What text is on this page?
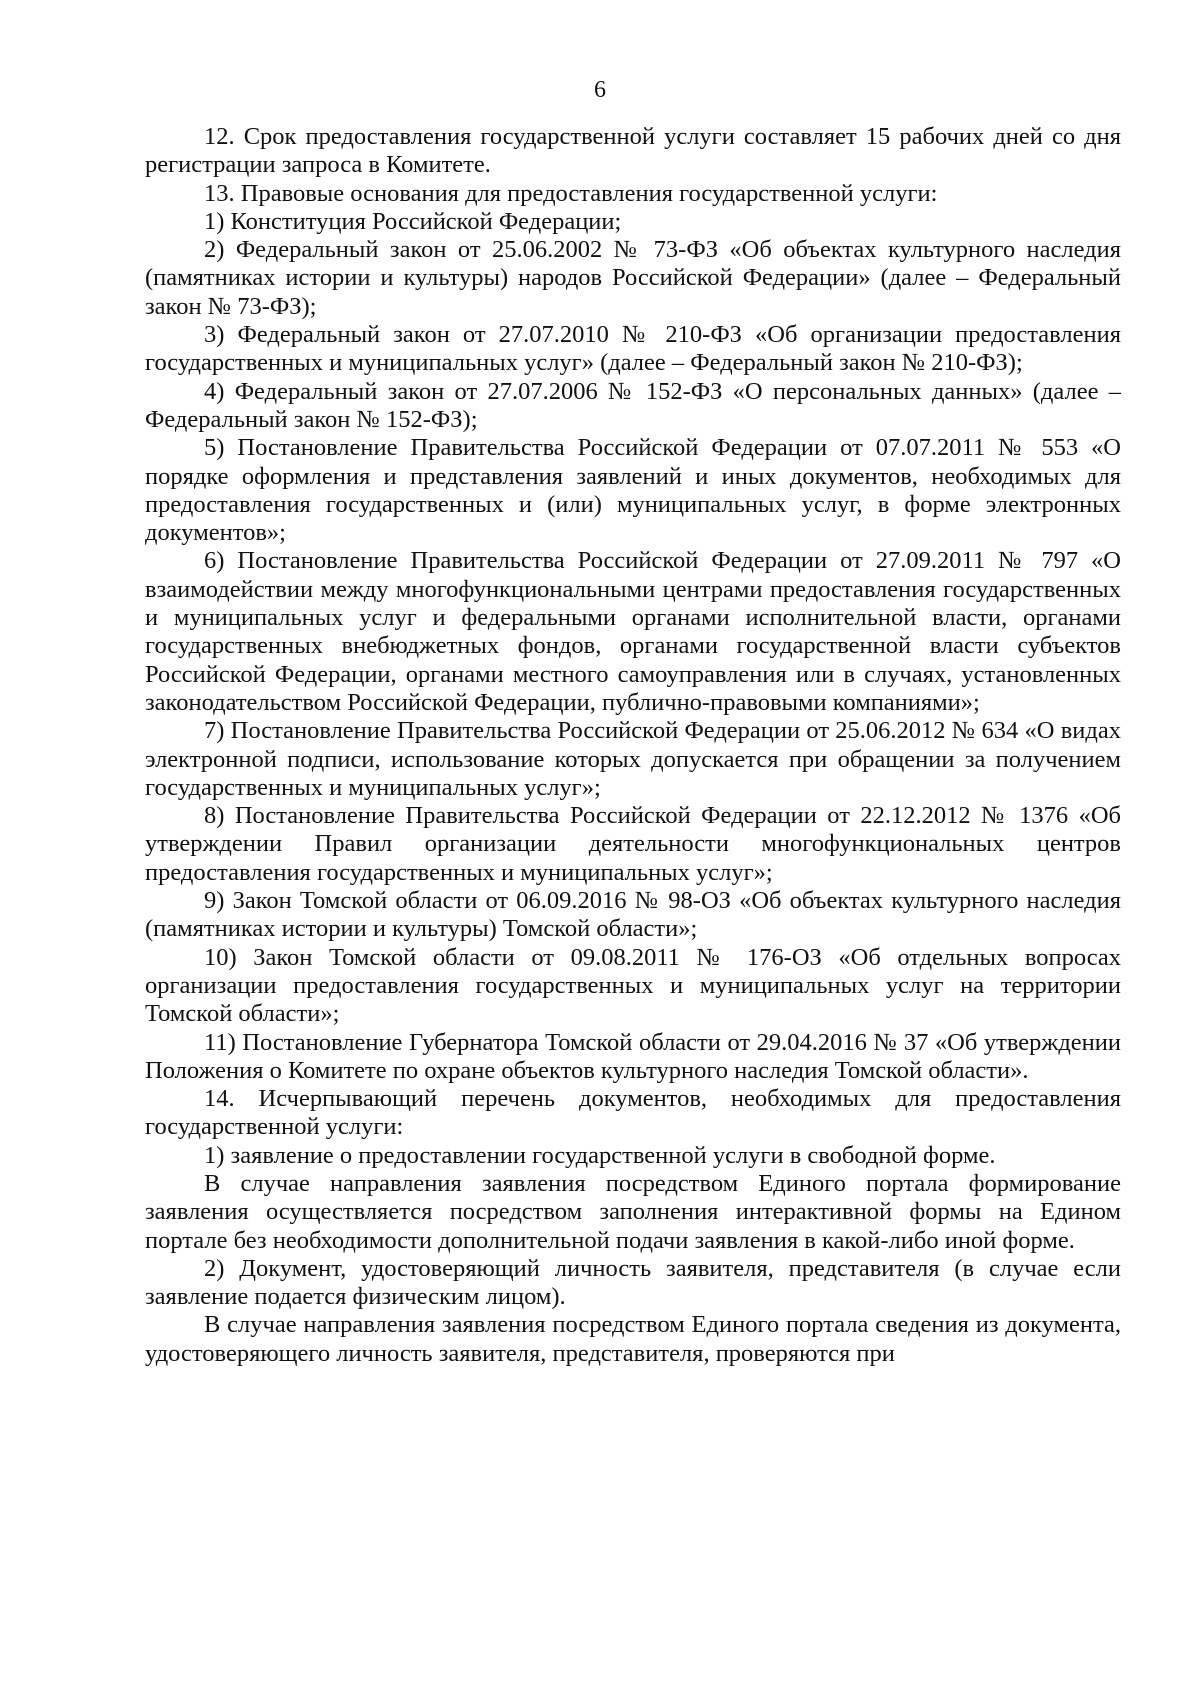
6

12. Срок предоставления государственной услуги составляет 15 рабочих дней со дня регистрации запроса в Комитете.

13. Правовые основания для предоставления государственной услуги:

1) Конституция Российской Федерации;

2) Федеральный закон от 25.06.2002 № 73-ФЗ «Об объектах культурного наследия (памятниках истории и культуры) народов Российской Федерации» (далее – Федеральный закон № 73-ФЗ);

3) Федеральный закон от 27.07.2010 № 210-ФЗ «Об организации предоставления государственных и муниципальных услуг» (далее – Федеральный закон № 210-ФЗ);

4) Федеральный закон от 27.07.2006 № 152-ФЗ «О персональных данных» (далее – Федеральный закон № 152-ФЗ);

5) Постановление Правительства Российской Федерации от 07.07.2011 № 553 «О порядке оформления и представления заявлений и иных документов, необходимых для предоставления государственных и (или) муниципальных услуг, в форме электронных документов»;

6) Постановление Правительства Российской Федерации от 27.09.2011 № 797 «О взаимодействии между многофункциональными центрами предоставления государственных и муниципальных услуг и федеральными органами исполнительной власти, органами государственных внебюджетных фондов, органами государственной власти субъектов Российской Федерации, органами местного самоуправления или в случаях, установленных законодательством Российской Федерации, публично-правовыми компаниями»;

7) Постановление Правительства Российской Федерации от 25.06.2012 № 634 «О видах электронной подписи, использование которых допускается при обращении за получением государственных и муниципальных услуг»;

8) Постановление Правительства Российской Федерации от 22.12.2012 № 1376 «Об утверждении Правил организации деятельности многофункциональных центров предоставления государственных и муниципальных услуг»;

9) Закон Томской области от 06.09.2016 № 98-ОЗ «Об объектах культурного наследия (памятниках истории и культуры) Томской области»;

10) Закон Томской области от 09.08.2011 № 176-ОЗ «Об отдельных вопросах организации предоставления государственных и муниципальных услуг на территории Томской области»;

11) Постановление Губернатора Томской области от 29.04.2016 № 37 «Об утверждении Положения о Комитете по охране объектов культурного наследия Томской области».

14. Исчерпывающий перечень документов, необходимых для предоставления государственной услуги:

1) заявление о предоставлении государственной услуги в свободной форме.

В случае направления заявления посредством Единого портала формирование заявления осуществляется посредством заполнения интерактивной формы на Едином портале без необходимости дополнительной подачи заявления в какой-либо иной форме.

2) Документ, удостоверяющий личность заявителя, представителя (в случае если заявление подается физическим лицом).

В случае направления заявления посредством Единого портала сведения из документа, удостоверяющего личность заявителя, представителя, проверяются при
